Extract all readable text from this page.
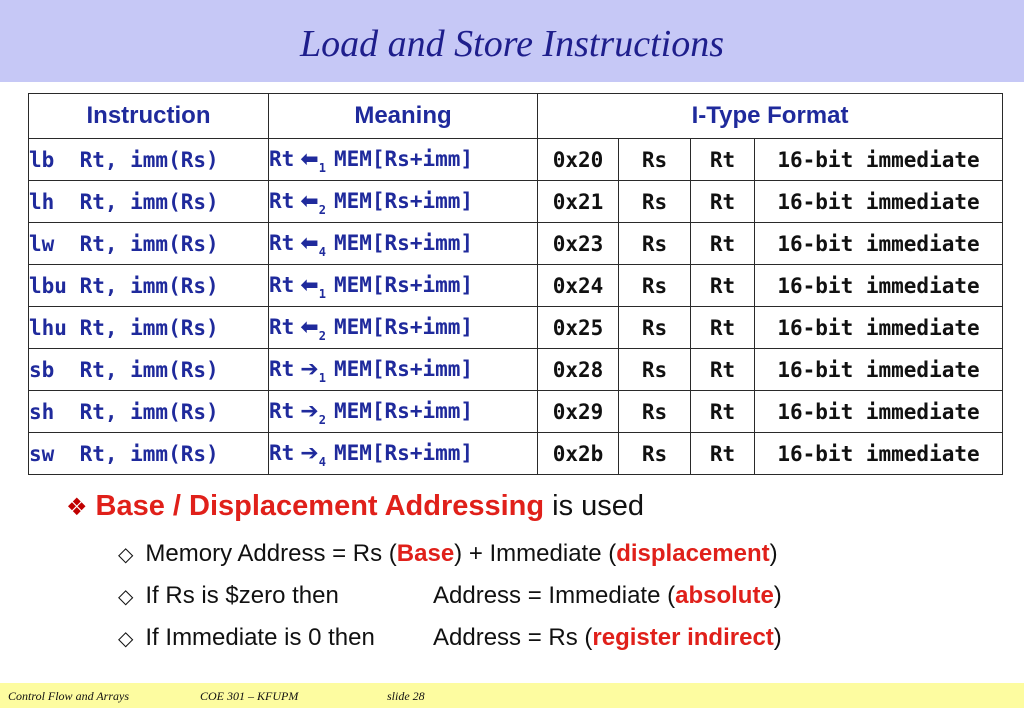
Load and Store Instructions
Instruction	Meaning	I-Type Format			
lb  Rt, imm(Rs)	Rt $⬅_1$ MEM[Rs+imm]	0x20	Rs	Rt	16-bit immediate
lh  Rt, imm(Rs)	Rt $⬅_2$ MEM[Rs+imm]	0x21	Rs	Rt	16-bit immediate
lw  Rt, imm(Rs)	Rt $⬅_4$ MEM[Rs+imm]	0x23	Rs	Rt	16-bit immediate
lbu Rt, imm(Rs)	Rt $⬅_1$ MEM[Rs+imm]	0x24	Rs	Rt	16-bit immediate
lhu Rt, imm(Rs)	Rt $⬅_2$ MEM[Rs+imm]	0x25	Rs	Rt	16-bit immediate
sb  Rt, imm(Rs)	Rt $➔_1$ MEM[Rs+imm]	0x28	Rs	Rt	16-bit immediate
sh  Rt, imm(Rs)	Rt $➔_2$ MEM[Rs+imm]	0x29	Rs	Rt	16-bit immediate
sw  Rt, imm(Rs)	Rt $➔_4$ MEM[Rs+imm]	0x2b	Rs	Rt	16-bit immediate
❖ Base / Displacement Addressing is used
◇ Memory Address = Rs (Base) + Immediate (displacement)
◇ If Rs is $zero then	Address = Immediate (absolute)
◇ If Immediate is 0 then Address = Rs (register indirect)
Control Flow and Arrays	COE 301 – KFUPM	slide 28
